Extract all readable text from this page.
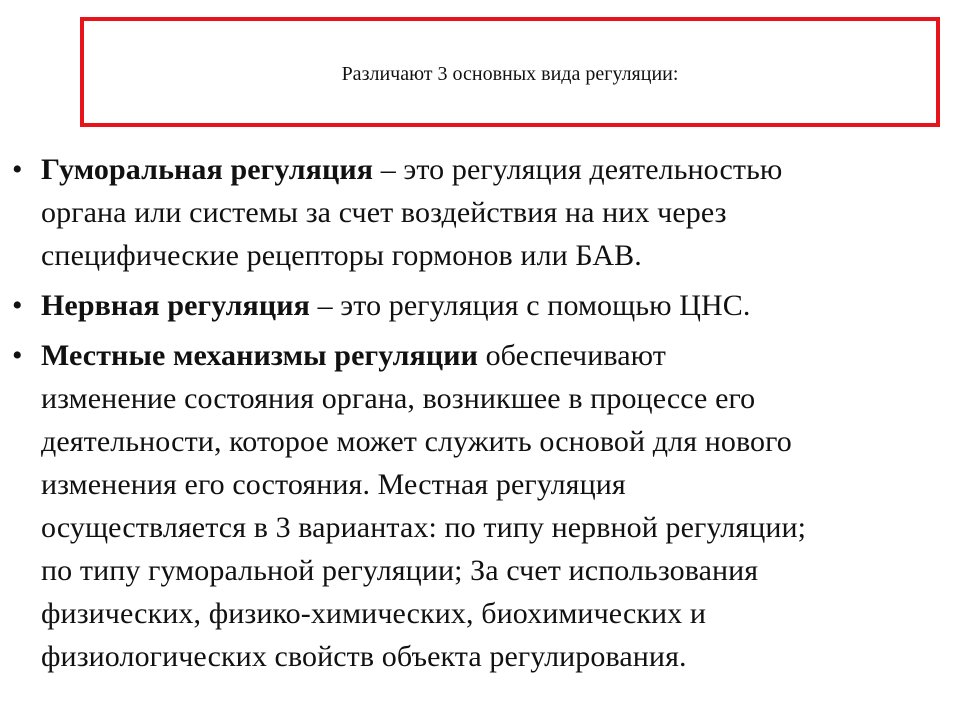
Различают 3 основных вида регуляции:
• Гуморальная регуляция – это регуляция деятельностью
органа или системы за счет воздействия на них через
специфические рецепторы гормонов или БАВ.
• Нервная регуляция – это регуляция с помощью ЦНС.
• Местные механизмы регуляции обеспечивают
изменение состояния органа, возникшее в процессе его
деятельности, которое может служить основой для нового
изменения его состояния. Местная регуляция
осуществляется в 3 вариантах: по типу нервной регуляции;
по типу гуморальной регуляции; За счет использования
физических, физико-химических, биохимических и
физиологических свойств объекта регулирования.
